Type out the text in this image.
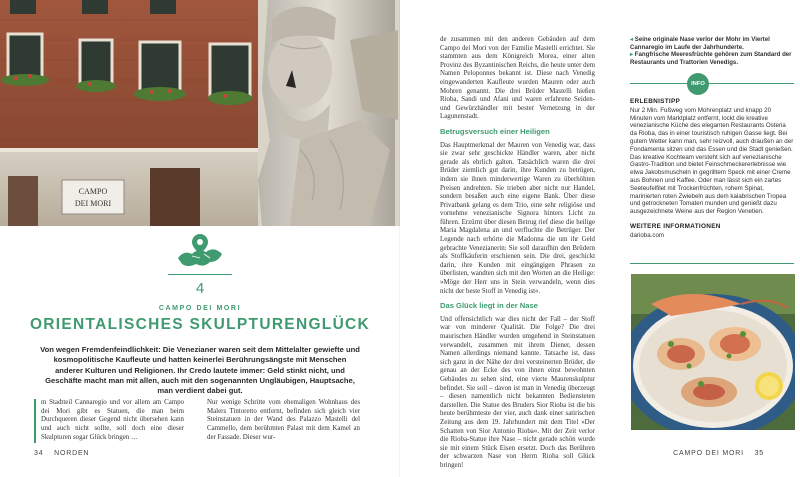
CAMPO
DEI MORI
4
CAMPO DEI MORI
ORIENTALISCHES SKULPTURENGLÜCK
Von wegen Fremdenfeindlichkeit: Die Venezianer waren seit dem Mittelalter gewiefte und kosmopolitische Kaufleute und hatten keinerlei Berührungsängste mit Menschen anderer Kulturen und Religionen. Ihr Credo lautete immer: Geld stinkt nicht, und Geschäfte macht man mit allen, auch mit den sogenannten Ungläubigen, Hauptsache, man verdient dabei gut.
m Stadtteil Cannaregio und vor allem am Campo dei Mori gibt es Statuen, die man beim Durchqueren dieser Gegend nicht übersehen kann und auch nicht sollte, soll doch eine dieser Skulpturen sogar Glück bringen …
Nur wenige Schritte vom ehemaligen Wohnhaus des Malers Tintoretto entfernt, befinden sich gleich vier Steinstatuen in der Wand des Palazzo Mastelli del Cammello, dem berühmten Palast mit dem Kamel an der Fassade. Dieser wur-
34 NORDEN

de zusammen mit den anderen Gebäuden auf dem Campo dei Mori von der Familie Mastelli errichtet. Sie stammten aus dem Königreich Morea, einer alten Provinz des Byzantinischen Reichs, die heute unter dem Namen Peloponnes bekannt ist. Diese nach Venedig eingewanderten Kaufleute wurden Mauren oder auch Mohren genannt. Die drei Brüder Mastelli hießen Rioba, Sandi und Afani und waren erfahrene Seiden- und Gewürzhändler mit bester Vernetzung in der Lagunenstadt.

Betrugsversuch einer Heiligen

Das Hauptmerkmal der Mauren von Venedig war, dass sie zwar sehr geschickte Händler waren, aber nicht gerade als ehrlich galten. Tatsächlich waren die drei Brüder ziemlich gut darin, ihre Kunden zu betrügen, indem sie ihnen minderwertige Waren zu überhöhten Preisen andrehten. Sie trieben aber nicht nur Handel, sondern besaßen auch eine eigene Bank. Über diese Privatbank gelang es dem Trio, eine sehr religiöse und vornehme venezianische Signora hinters Licht zu führen. Erzürnt über diesen Betrug rief diese die heilige Maria Magdalena an und verfluchte die Betrüger. Der Legende nach erhörte die Madonna die um ihr Geld gebrachte Venezianerin: Sie soll daraufhin den Brüdern als Stoffkäuferin erschienen sein. Die drei, geschickt darin, ihre Kunden mit eingängigen Phrasen zu überlisten, wandten sich mit den Worten an die Heilige: »Möge der Herr uns in Stein verwandeln, wenn dies nicht der beste Stoff in Venedig ist«.

Das Glück liegt in der Nase

Und offensichtlich war dies nicht der Fall – der Stoff war von minderer Qualität. Die Folge? Die drei maurischen Händler wurden umgehend in Steinstatuen verwandelt, zusammen mit ihrem Diener, dessen Namen allerdings niemand kannte. Tatsache ist, dass sich ganz in der Nähe der drei versteinerten Brüder, die genau an der Ecke des von ihnen einst bewohnten Gebäudes zu sehen sind, eine vierte Maurenskulptur befindet. Sie soll – davon ist man in Venedig überzeugt – diesen namentlich nicht bekannten Bediensteten darstellen. Die Statue des Bruders Sior Rioba ist die bis heute berühmteste der vier, auch dank einer satirischen Zeitung aus dem 19. Jahrhundert mit dem Titel »Der Schatten von Sior Antonio Rioba«. Mit der Zeit verlor die Rioba-Statue ihre Nase – nicht gerade schön wurde sie mit einem Stück Eisen ersetzt. Doch das Berühren der schwarzen Nase von Herrn Rioba soll Glück bringen!

◂ Seine originale Nase verlor der Mohr im Viertel Cannaregio im Laufe der Jahrhunderte.
▸ Fangfrische Meeresfrüchte gehören zum Standard der Restaurants und Trattorien Venedigs.
INFO
ERLEBNISTIPP
Nur 2 Min. Fußweg vom Mohrenplatz und knapp 20 Minuten vom Marktplatz entfernt, lockt die kreative venezianische Küche des eleganten Restaurants Osteria da Rioba, das in einer touristisch ruhigen Gasse liegt. Bei gutem Wetter kann man, sehr reizvoll, auch draußen an der Fondamenta sitzen und das Essen und die Stadt genießen. Das kreative Kochteam versteht sich auf venezianische Gastro-Tradition und bietet Feinschmeckererlebnisse wie etwa Jakobsmuscheln in gegrilltem Speck mit einer Creme aus Bohnen und Kaffee. Oder man lässt sich ein zartes Seeteufelfilet mit Trockenfrüchten, rohem Spinat, marinierten roten Zwiebeln aus dem kalabrischen Tropea und getrockneten Tomaten munden und genießt dazu ausgezeichnete Weine aus der Region Venetien.
WEITERE INFORMATIONEN
darioba.com
CAMPO DEI MORI 35
